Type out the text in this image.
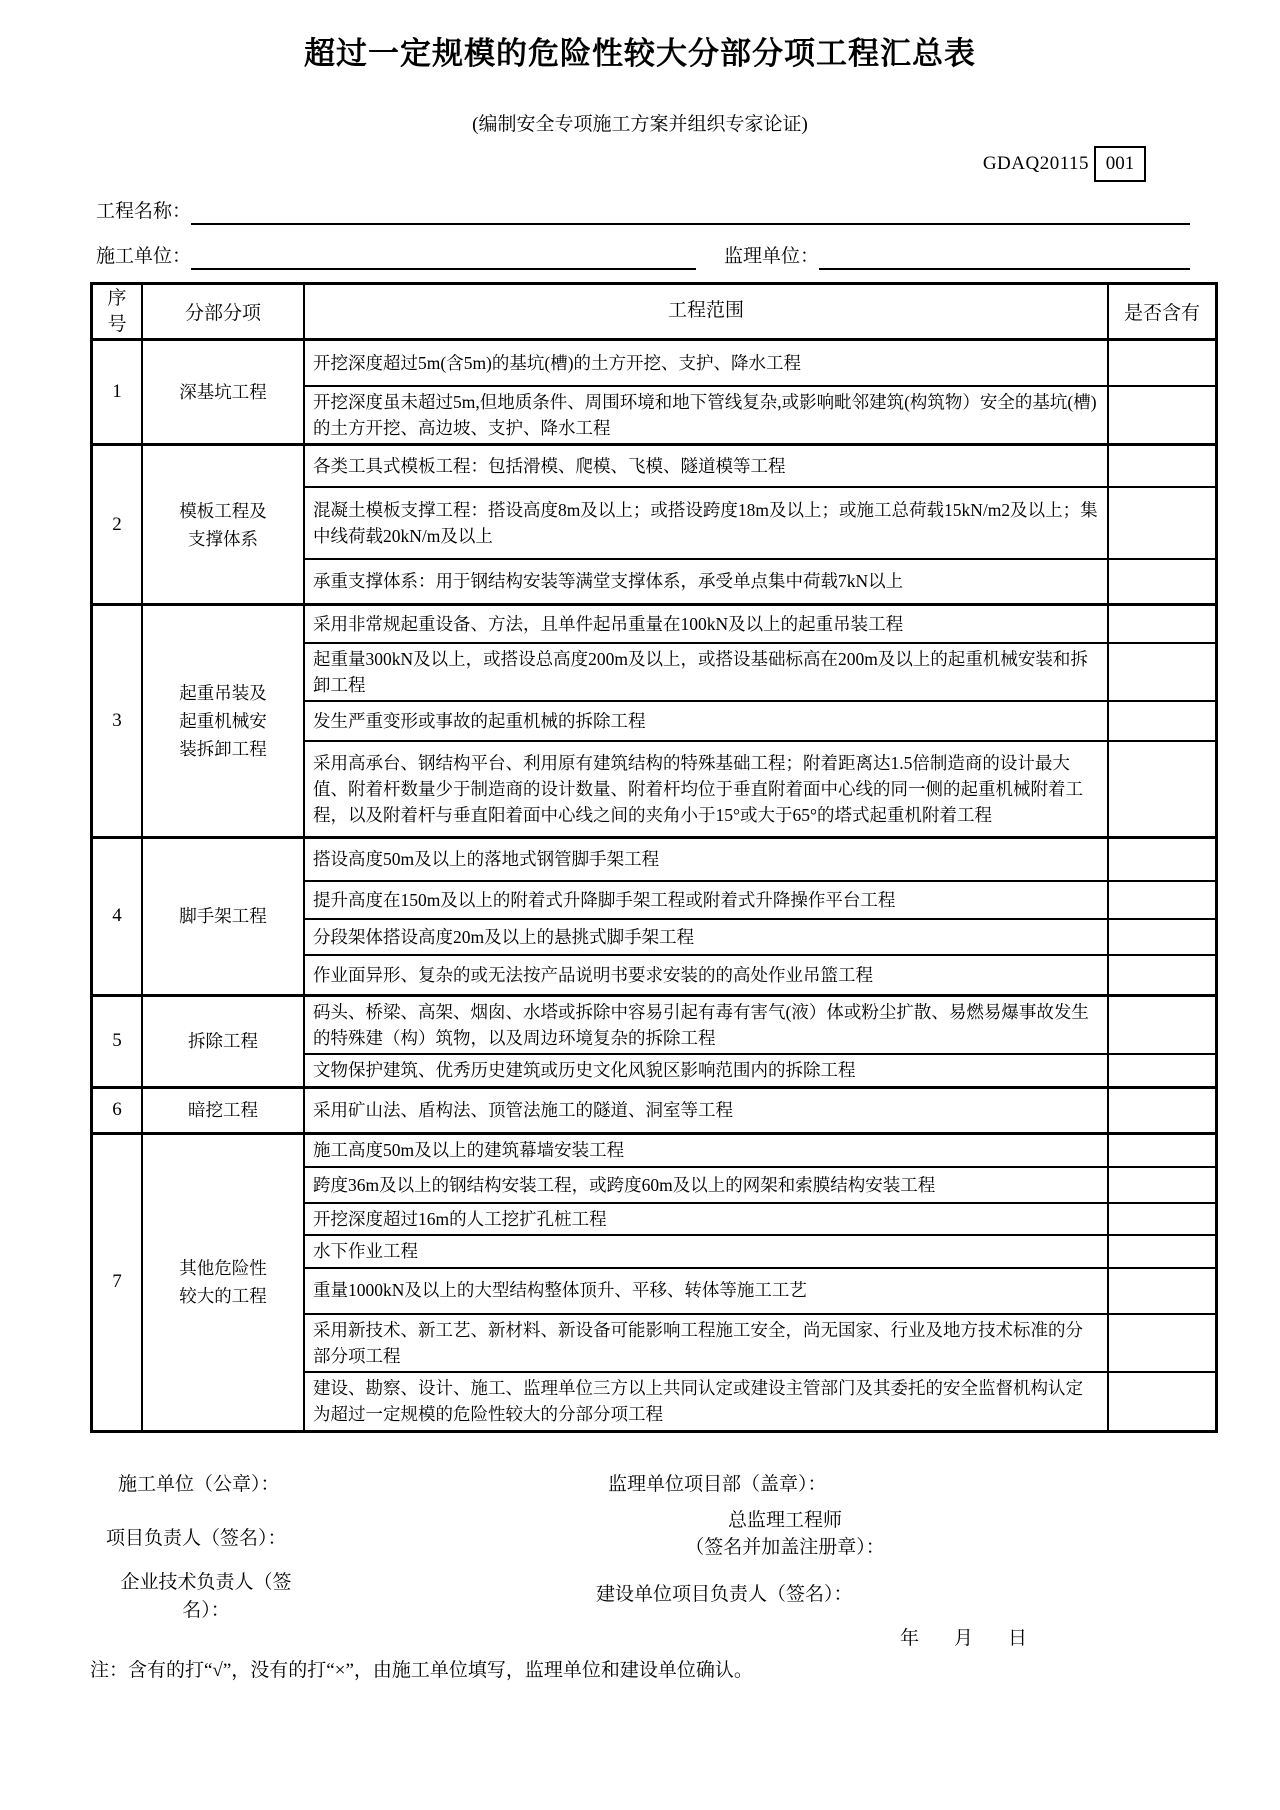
超过一定规模的危险性较大分部分项工程汇总表
(编制安全专项施工方案并组织专家论证)
GDAQ20115 001
工程名称：
施工单位：	监理单位：
序号	分部分项	工程范围	是否含有
1	深基坑工程	开挖深度超过5m(含5m)的基坑(槽)的土方开挖、支护、降水工程	
		开挖深度虽未超过5m,但地质条件、周围环境和地下管线复杂,或影响毗邻建筑(构筑物）安全的基坑(槽)的土方开挖、高边坡、支护、降水工程	
2	模板工程及支撑体系	各类工具式模板工程：包括滑模、爬模、飞模、隧道模等工程	
		混凝土模板支撑工程：搭设高度8m及以上；或搭设跨度18m及以上；或施工总荷载15kN/m2及以上；集中线荷载20kN/m及以上	
		承重支撑体系：用于钢结构安装等满堂支撑体系，承受单点集中荷载7kN以上	
3	起重吊装及起重机械安装拆卸工程	采用非常规起重设备、方法，且单件起吊重量在100kN及以上的起重吊装工程	
		起重量300kN及以上，或搭设总高度200m及以上，或搭设基础标高在200m及以上的起重机械安装和拆卸工程	
		发生严重变形或事故的起重机械的拆除工程	
		采用高承台、钢结构平台、利用原有建筑结构的特殊基础工程；附着距离达1.5倍制造商的设计最大值、附着杆数量少于制造商的设计数量、附着杆均位于垂直附着面中心线的同一侧的起重机械附着工程，以及附着杆与垂直阳着面中心线之间的夹角小于15°或大于65°的塔式起重机附着工程	
4	脚手架工程	搭设高度50m及以上的落地式钢管脚手架工程	
		提升高度在150m及以上的附着式升降脚手架工程或附着式升降操作平台工程	
		分段架体搭设高度20m及以上的悬挑式脚手架工程	
		作业面异形、复杂的或无法按产品说明书要求安装的的高处作业吊篮工程	
5	拆除工程	码头、桥梁、高架、烟囱、水塔或拆除中容易引起有毒有害气(液）体或粉尘扩散、易燃易爆事故发生的特殊建（构）筑物，以及周边环境复杂的拆除工程	
		文物保护建筑、优秀历史建筑或历史文化风貌区影响范围内的拆除工程	
6	暗挖工程	采用矿山法、盾构法、顶管法施工的隧道、洞室等工程	
7	其他危险性较大的工程	施工高度50m及以上的建筑幕墙安装工程	
		跨度36m及以上的钢结构安装工程，或跨度60m及以上的网架和索膜结构安装工程	
		开挖深度超过16m的人工挖扩孔桩工程	
		水下作业工程	
		重量1000kN及以上的大型结构整体顶升、平移、转体等施工工艺	
		采用新技术、新工艺、新材料、新设备可能影响工程施工安全，尚无国家、行业及地方技术标准的分部分项工程	
		建设、勘察、设计、施工、监理单位三方以上共同认定或建设主管部门及其委托的安全监督机构认定为超过一定规模的危险性较大的分部分项工程	
施工单位（公章）：	监理单位项目部（盖章）：
项目负责人（签名）：
总监理工程师
（签名并加盖注册章）：
企业技术负责人（签名）：
建设单位项目负责人（签名）：
年　月　日
注：含有的打“√”，没有的打“×”，由施工单位填写，监理单位和建设单位确认。
